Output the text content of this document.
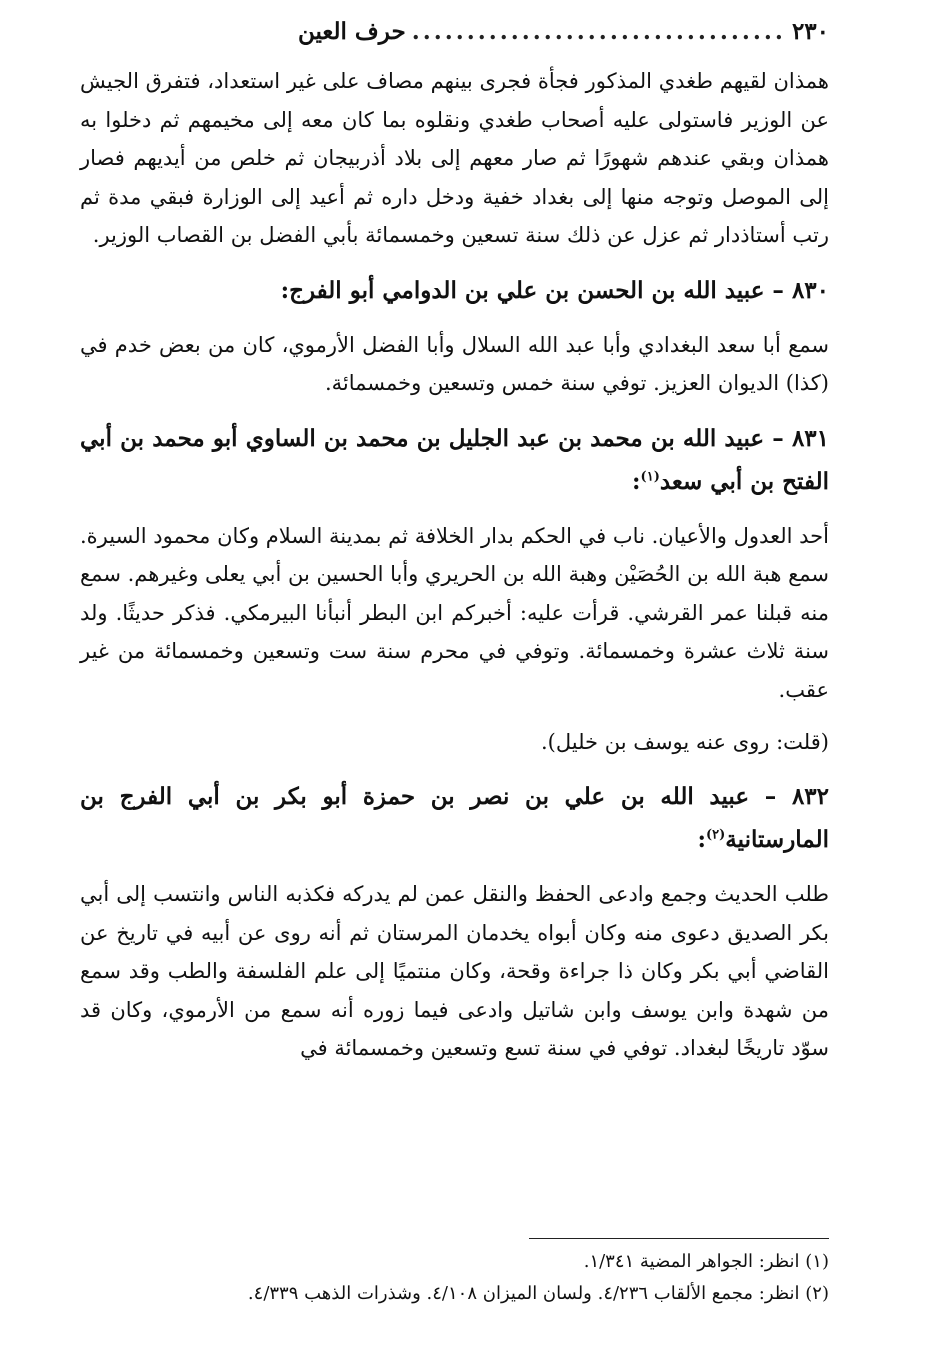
٢٣٠
..................................
حرف العين

همذان لقيهم طغدي المذكور فجأة فجرى بينهم مصاف على غير استعداد، فتفرق الجيش عن الوزير فاستولى عليه أصحاب طغدي ونقلوه بما كان معه إلى مخيمهم ثم دخلوا به همذان وبقي عندهم شهورًا ثم صار معهم إلى بلاد أذربيجان ثم خلص من أيديهم فصار إلى الموصل وتوجه منها إلى بغداد خفية ودخل داره ثم أعيد إلى الوزارة فبقي مدة ثم رتب أستاذدار ثم عزل عن ذلك سنة تسعين وخمسمائة بأبي الفضل بن القصاب الوزير.

٨٣٠ – عبيد الله بن الحسن بن علي بن الدوامي أبو الفرج:

سمع أبا سعد البغدادي وأبا عبد الله السلال وأبا الفضل الأرموي، كان من بعض خدم في (كذا) الديوان العزيز. توفي سنة خمس وتسعين وخمسمائة.

٨٣١ – عبيد الله بن محمد بن عبد الجليل بن محمد بن الساوي أبو محمد بن أبي الفتح بن أبي سعد$^{(١)}$:

أحد العدول والأعيان. ناب في الحكم بدار الخلافة ثم بمدينة السلام وكان محمود السيرة. سمع هبة الله بن الحُصَيْن وهبة الله بن الحريري وأبا الحسين بن أبي يعلى وغيرهم. سمع منه قبلنا عمر القرشي. قرأت عليه: أخبركم ابن البطر أنبأنا البيرمكي. فذكر حديثًا. ولد سنة ثلاث عشرة وخمسمائة. وتوفي في محرم سنة ست وتسعين وخمسمائة من غير عقب.

(قلت: روى عنه يوسف بن خليل).

٨٣٢ – عبيد الله بن علي بن نصر بن حمزة أبو بكر بن أبي الفرج بن المارستانية$^{(٢)}$:

طلب الحديث وجمع وادعى الحفظ والنقل عمن لم يدركه فكذبه الناس وانتسب إلى أبي بكر الصديق دعوى منه وكان أبواه يخدمان المرستان ثم أنه روى عن أبيه في تاريخ عن القاضي أبي بكر وكان ذا جراءة وقحة، وكان منتميًا إلى علم الفلسفة والطب وقد سمع من شهدة وابن يوسف وابن شاتيل وادعى فيما زوره أنه سمع من الأرموي، وكان قد سوّد تاريخًا لبغداد. توفي في سنة تسع وتسعين وخمسمائة في

(١) انظر: الجواهر المضية ١/٣٤١.

(٢) انظر: مجمع الألقاب ٤/٢٣٦. ولسان الميزان ٤/١٠٨. وشذرات الذهب ٤/٣٣٩.
